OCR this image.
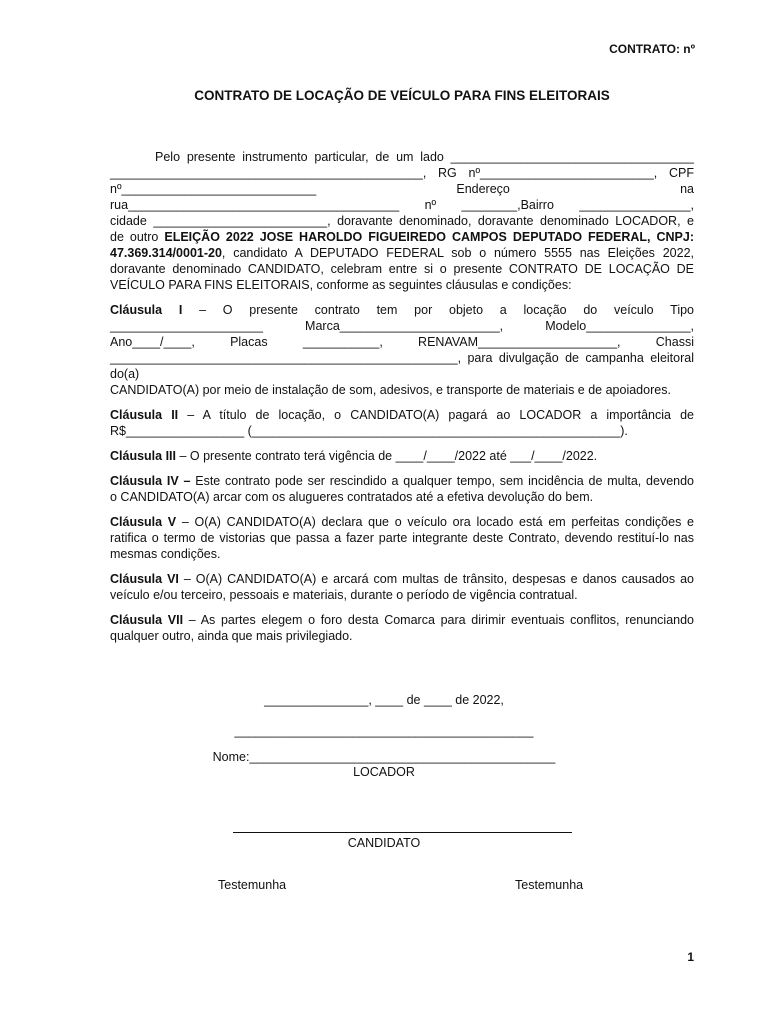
CONTRATO: nº
CONTRATO DE LOCAÇÃO DE VEÍCULO PARA FINS ELEITORAIS
Pelo presente instrumento particular, de um lado ___________________________________
_____________________________________________, RG nº_________________________, CPF
nº____________________________	Endereço	na
rua_______________________________________ nº ________,Bairro ________________,
cidade _________________________, doravante denominado, doravante denominado LOCADOR, e
de outro ELEIÇÃO 2022 JOSE HAROLDO FIGUEIREDO CAMPOS DEPUTADO FEDERAL, CNPJ:
47.369.314/0001-20, candidato A DEPUTADO FEDERAL sob o número 5555 nas Eleições 2022,
doravante denominado CANDIDATO, celebram entre si o presente CONTRATO DE LOCAÇÃO DE
VEÍCULO PARA FINS ELEITORAIS, conforme as seguintes cláusulas e condições:
Cláusula I – O presente contrato tem por objeto a locação do veículo Tipo
______________________ Marca_______________________, Modelo_______________,
Ano____/____, Placas ___________, RENAVAM____________________, Chassi
__________________________________________________, para divulgação de campanha eleitoral do(a)
CANDIDATO(A) por meio de instalação de som, adesivos, e transporte de materiais e de apoiadores.
Cláusula II – A título de locação, o CANDIDATO(A) pagará ao LOCADOR a importância de
R$_________________ (_____________________________________________________).
Cláusula III – O presente contrato terá vigência de ____/____/2022 até ___/____/2022.
Cláusula IV – Este contrato pode ser rescindido a qualquer tempo, sem incidência de multa, devendo
o CANDIDATO(A) arcar com os alugueres contratados até a efetiva devolução do bem.
Cláusula V – O(A) CANDIDATO(A) declara que o veículo ora locado está em perfeitas condições e
ratifica o termo de vistorias que passa a fazer parte integrante deste Contrato, devendo restituí-lo nas
mesmas condições.
Cláusula VI – O(A) CANDIDATO(A) e arcará com multas de trânsito, despesas e danos causados ao
veículo e/ou terceiro, pessoais e materiais, durante o período de vigência contratual.
Cláusula VII – As partes elegem o foro desta Comarca para dirimir eventuais conflitos, renunciando
qualquer outro, ainda que mais privilegiado.
_______________, ____ de ____ de 2022,
___________________________________________
Nome:____________________________________________
LOCADOR
CANDIDATO
Testemunha	Testemunha
1
